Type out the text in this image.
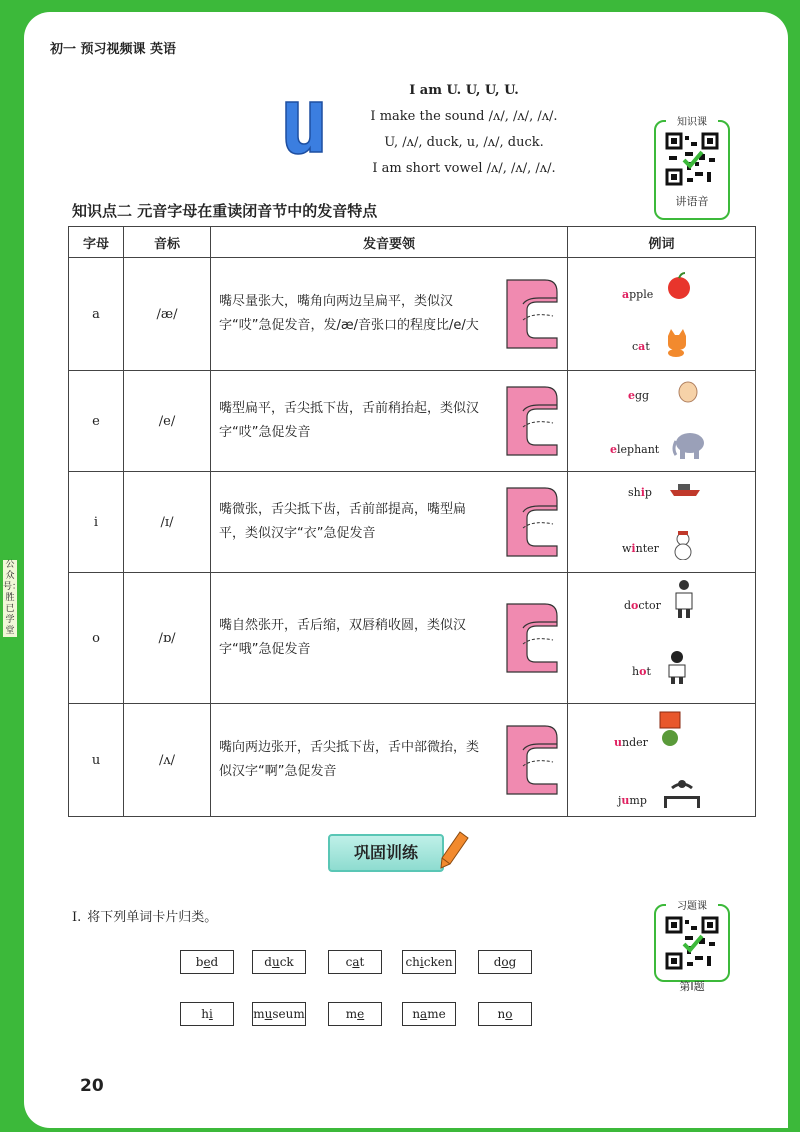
初一 预习视频课 英语
I am U. U, U, U.
I make the sound /ʌ/, /ʌ/, /ʌ/.
U, /ʌ/, duck, u, /ʌ/, duck.
I am short vowel /ʌ/, /ʌ/, /ʌ/.
知识课
讲语音
知识点二 元音字母在重读闭音节中的发音特点
字母	音标	发音要领	例词
a	/æ/	嘴尽量张大，嘴角向两边呈扁平，类似汉字“哎”急促发音，发/æ/音张口的程度比/e/大	apple
cat

e	/e/	嘴型扁平，舌尖抵下齿，舌前稍抬起，类似汉字“哎”急促发音	egg
elephant

i	/ɪ/	嘴微张，舌尖抵下齿，舌前部提高，嘴型扁平，类似汉字“衣”急促发音	ship
winter

o	/ɒ/	嘴自然张开，舌后缩，双唇稍收圆，类似汉字“哦”急促发音	doctor
hot

u	/ʌ/	嘴向两边张开，舌尖抵下齿，舌中部微抬，类似汉字“啊”急促发音	under
jump
巩固训练
Ⅰ. 将下列单词卡片归类。
习题课
第Ⅰ题
bed	duck	cat	chicken	dog
hi	museum	me	name	no
20
公众号：胜已学堂
